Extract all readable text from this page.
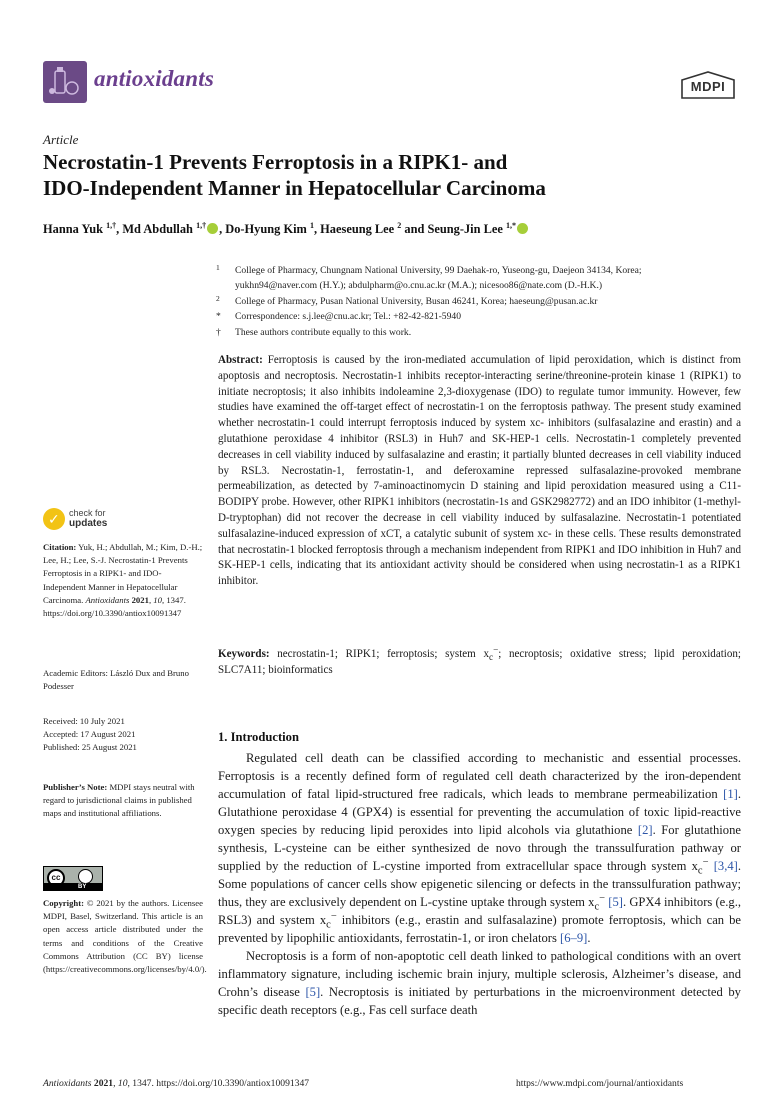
antioxidants	MDPI
Article
Necrostatin-1 Prevents Ferroptosis in a RIPK1- and
IDO-Independent Manner in Hepatocellular Carcinoma
Hanna Yuk $^{1,\dagger}$, Md Abdullah $^{1,\dagger}$ , Do-Hyung Kim $^1$, Haeseung Lee $^2$ and Seung-Jin Lee $^{1,*}$
1	College of Pharmacy, Chungnam National University, 99 Daehak-ro, Yuseong-gu, Daejeon 34134, Korea;
yukhn94@naver.com (H.Y.); abdulpharm@o.cnu.ac.kr (M.A.); nicesoo86@nate.com (D.-H.K.)
2	College of Pharmacy, Pusan National University, Busan 46241, Korea; haeseung@pusan.ac.kr
*	Correspondence: s.j.lee@cnu.ac.kr; Tel.: +82-42-821-5940
†	These authors contribute equally to this work.
Abstract: Ferroptosis is caused by the iron-mediated accumulation of lipid peroxidation, which is distinct from apoptosis and necroptosis. Necrostatin-1 inhibits receptor-interacting serine/threonine-protein kinase 1 (RIPK1) to initiate necroptosis; it also inhibits indoleamine 2,3-dioxygenase (IDO) to regulate tumor immunity. However, few studies have examined the off-target effect of necrostatin-1 on the ferroptosis pathway. The present study examined whether necrostatin-1 could interrupt ferroptosis induced by system xc- inhibitors (sulfasalazine and erastin) and a glutathione peroxidase 4 inhibitor (RSL3) in Huh7 and SK-HEP-1 cells. Necrostatin-1 completely prevented decreases in cell viability induced by sulfasalazine and erastin; it partially blunted decreases in cell viability induced by RSL3. Necrostatin-1, ferrostatin-1, and deferoxamine repressed sulfasalazine-provoked membrane permeabilization, as detected by 7-aminoactinomycin D staining and lipid peroxidation measured using a C11-BODIPY probe. However, other RIPK1 inhibitors (necrostatin-1s and GSK2982772) and an IDO inhibitor (1-methyl-D-tryptophan) did not recover the decrease in cell viability induced by sulfasalazine. Necrostatin-1 potentiated sulfasalazine-induced expression of xCT, a catalytic subunit of system xc- in these cells. These results demonstrated that necrostatin-1 blocked ferroptosis through a mechanism independent from RIPK1 and IDO inhibition in Huh7 and SK-HEP-1 cells, indicating that its antioxidant activity should be considered when using necrostatin-1 as a RIPK1 inhibitor.
Keywords: necrostatin-1; RIPK1; ferroptosis; system $x_c^-$; necroptosis; oxidative stress; lipid peroxidation; SLC7A11; bioinformatics
✓ check for
updates
Citation: Yuk, H.; Abdullah, M.; Kim, D.-H.; Lee, H.; Lee, S.-J. Necrostatin-1 Prevents Ferroptosis in a RIPK1- and IDO-Independent Manner in Hepatocellular Carcinoma. Antioxidants 2021, 10, 1347. https://doi.org/10.3390/antiox10091347
Academic Editors: László Dux and Bruno Podesser
Received: 10 July 2021
Accepted: 17 August 2021
Published: 25 August 2021
Publisher’s Note: MDPI stays neutral with regard to jurisdictional claims in published maps and institutional affiliations.
cc
BY
Copyright: © 2021 by the authors. Licensee MDPI, Basel, Switzerland. This article is an open access article distributed under the terms and conditions of the Creative Commons Attribution (CC BY) license (https://creativecommons.org/licenses/by/4.0/).
1. Introduction

Regulated cell death can be classified according to mechanistic and essential processes. Ferroptosis is a recently defined form of regulated cell death characterized by the iron-dependent accumulation of fatal lipid-structured free radicals, which leads to membrane permeabilization [1]. Glutathione peroxidase 4 (GPX4) is essential for preventing the accumulation of toxic lipid-reactive oxygen species by reducing lipid peroxides into lipid alcohols via glutathione [2]. For glutathione synthesis, L-cysteine can be either synthesized de novo through the transsulfuration pathway or supplied by the reduction of L-cystine imported from extracellular space through system $x_c^-$ [3,4]. Some populations of cancer cells show epigenetic silencing or defects in the transsulfuration pathway; thus, they are exclusively dependent on L-cystine uptake through system $x_c^-$ [5]. GPX4 inhibitors (e.g., RSL3) and system $x_c^-$ inhibitors (e.g., erastin and sulfasalazine) promote ferroptosis, which can be prevented by lipophilic antioxidants, ferrostatin-1, or iron chelators [6–9].

Necroptosis is a form of non-apoptotic cell death linked to pathological conditions with an overt inflammatory signature, including ischemic brain injury, multiple sclerosis, Alzheimer’s disease, and Crohn’s disease [5]. Necroptosis is initiated by perturbations in the microenvironment detected by specific death receptors (e.g., Fas cell surface death

Antioxidants 2021, 10, 1347. https://doi.org/10.3390/antiox10091347	https://www.mdpi.com/journal/antioxidants
